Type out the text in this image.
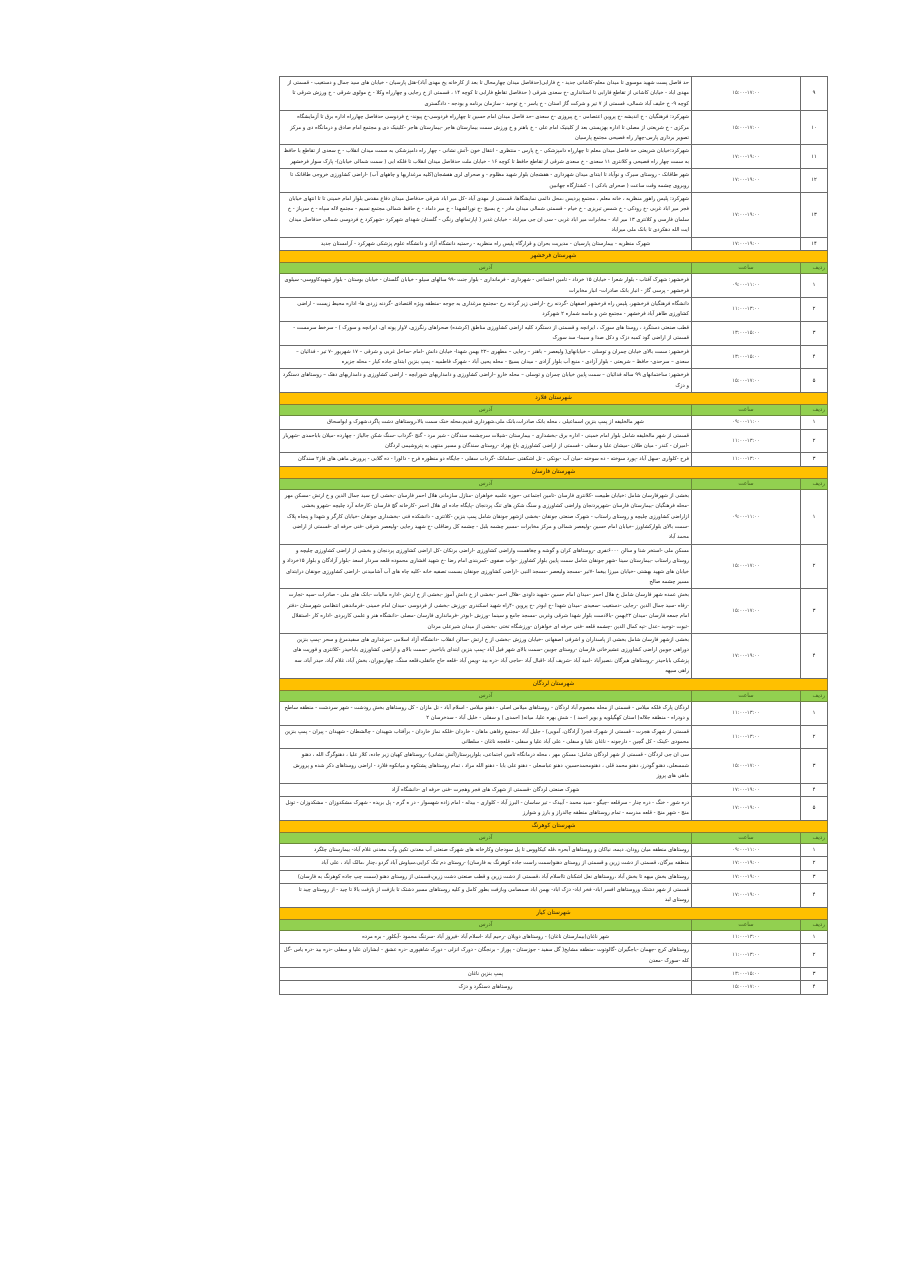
۹	۱۵:۰۰-۱۷:۰۰	حد فاصل پست شهید موسوی تا میدان معلم-کاشانی جدید - خ فارابی(حدفاصل میدان چهارمحال تا بعد از کارخانه یخ مهدی آباد)-هتل پارسیان - خیابان های سید جمال و دستغیب - قسمتی از مهدی اباد - خیابان کاشانی از تقاطع فارابی تا استانداری -خ سعدی شرقی ( حدفاصل تقاطع فارابی تا کوچه ۱۴ ، قسمتی از خ رجایی و چهارراه وکلا - خ مولوی شرقی - خ ورزش شرقی تا کوچه ۹- خ خلیف آباد شمالی، قسمتی از ۷ تیر و شرکت گاز استان - خ یاسر - خ توحید - سازمان برنامه و بودجه - دادگستری
۱۰	۱۵:۰۰-۱۷:۰۰	شهرکرد: فرهنگیان - خ اندیشه -خ پروین اعتصامی - خ پیروزی -خ سعدی -حد فاصل میدان امام حسین تا چهارراه فردوسی-خ پیوند- خ فردوسی حدفاصل چهارراه اداره برق تا آزمایشگاه مرکزی - خ شریعتی از مصلی تا اداره بهزیستی بعد از کلینیک امام علی - خ باهنر و خ ورزش سمت بیمارستان هاجر -بیمارستان هاجر -کلینیک دی و مجتمع امام صادق و درمانگاه دی و مرکز تصویر برداری پارس-چهار راه فصیحی مجتمع پارسیان
۱۱	۱۷:۰۰-۱۹:۰۰	شهرکرد:خیابان شریعتی حد فاصل میدان معلم تا چهارراه دامپزشکی - خ پارس - منتظری - انتقال خون -آتش نشانی - چهار راه دامپزشکی به سمت میدان انقلاب - خ سعدی از تقاطع با حافظ به سمت چهار راه فصیحی و کلانتری ۱۱ سعدی - خ سعدی شرقی از تقاطع حافظ تا کوچه ۱۶ - خیابان ملت حدفاصل میدان انقلاب تا فلکه ابی ( سمت شمالی خیابان)- پارک سوار فرخشهر
۱۲	۱۷:۰۰-۱۹:۰۰	شهر طاقانک - روستای سیرک و نوآباد تا ابتدای میدان شهرداری - هفشجان بلوار شهید مظلوم - و صحرای لری هفشجان(کلیه مرغداریها و چاههای آب) -اراضی کشاورزی خروجی طاقانک تا روبروی چشمه وقت ساعت ( صحرای بادکی ) - کشتارگاه جهانبین
۱۳	۱۷:۰۰-۱۹:۰۰	شهرکرد: پلیس راهور منظریه ، خانه معلم ، مجتمع پردیس ،محل دائمی نمایشگاها، قسمتی از مهدی آباد -کل میر اباد شرقی حدفاصل میدان دفاع مقدس بلوار امام خمینی تا تا انتهای خیابان فجر میر اباد غربی -خ رودکی - خ شمس تبریزی - خ خیام - قسمتی شمالی میدان مادر - خ بسیج -خ نورالشهدا - خ میر داماد - خ حافظ شمالی مجتمع نسیم - مجتمع لاله سپاه - خ سرباز - خ سلمان فارسی و کلانتری ۱۳ میر اباد - مخابرات میر اباد غربی - سی ان جی میراباد - خیابان غدیر ( اپارتمانهای رنگی - گلستان شهدای شهرکرد -شهرکرد خ فردوسی شمالی حدفاصل میدان ایت الله دهکردی تا بانک ملی میراباد
۱۴	۱۷:۰۰-۱۹:۰۰	شهرک منظریه - بیمارستان پارسیان - مدیریت بحران و قرارگاه پلیس راه منظریه - رحمتیه دانشگاه آزاد و دانشگاه علوم پزشکی شهرکرد - آرامستان جدید
شهرستان فرخشهر		
ردیف	ساعت	آدرس
۱	۰۹:۰۰-۱۱:۰۰	فرخشهر: شهرک آفتاب - بلوار شعرا - خیابان ۱۵ خرداد - تامین اجتماعی - شهرداری - فرمانداری - بلوار جنت -۹۹ سالهای سیلو - خیابان گلستان - خیابان بوستان - بلوار شهیدکاووسی- سیلوی فرخشهر - پرسی گاز - انبار بانک صادرات- انبار مخابرات
۲	۱۱:۰۰-۱۳:۰۰	دانشگاه فرهنگیان فرخشهر، پلیس راه فرخشهر اصفهان -گردنه رخ -اراضی زیر گردنه رخ -مجتمع مرغداری به جوجه -منطقه ویژه اقتصادی -گردنه زردی ها- اداره محیط زیست - اراضی کشاورزی طاهر آباد فرخشهر - مجتمع شن و ماسه شماره ۲ شهرکرد
۳	۱۳:۰۰-۱۵:۰۰	قطب صنعتی دستگرد ، روستا های سورک ، ایرانچه و قسمتی از دستگرد کلیه اراضی کشاورزی مناطق (کرشده) صحراهای رنگرزی، لاوار پونه ای، ایرانچه و سورک ) - سرخط سرمست - قسمتی از اراضی گود کمبه دزک و دکل صدا و سیما- سد سورک
۴	۱۳:۰۰-۱۵:۰۰	فرخشهر: سمت بالای خیابان چمران و توسلی – خیابانهای( ولیعصر – باهنر – رجایی – مطهری –۲۲ بهمن شهدا- خیابان دانش -امام -ساحل غربی و شرقی – ۱۷ شهریور -۷ تیر - فدائیان – سعدی – سرحدی- حافظ – شریعتی - بلوار آزادی - منبع آب بلوار آزادی - میدان بسیج - محله یحیی آباد - شهرک فاطمیه - پمپ بنزین ابتدای جاده کیار - محله جزیره
۵	۱۵:۰۰-۱۷:۰۰	فرخشهر: ساختمانهای ۹۹ ساله فدائیان – سمت پایین خیابان چمران و توسلی – محله خارو –اراضی کشاورزی و دامداریهای شورابچه - اراضی کشاورزی و دامداریهای دهک – روستاهای دستگرد و دزک
شهرستان فلارد		
ردیف	ساعت	آدرس
۱	۰۹:۰۰-۱۱:۰۰	شهر مالخلیفه از پمپ بنزین اسماعیلی ، محله بانک صادرات،بانک ملی،شهرداری قدیم،محله خنک سمت بالا،روستاهای دشت پاگرد،شهرک و ابواسحاق
۲	۱۱:۰۰-۱۳:۰۰	قسمتی از شهر مالخلیفه شامل بلوار امام خمینی - اداره برق -بخشداری - بیمارستان -شیلات سرچشمه سندگان - شیر مرد - گنج -گرداب -سنگ شکن جالیاز - چهارده -میلان باباحمدی -شهریار -امیران - کندر - میان طلان -میشان علیا و سفلی - قسمتی از اراضی کشاورزی باغ بهزاد -روستای سندگان و مسیر منتهی به پتروشیمی لردگان
۳	۱۱:۰۰-۱۳:۰۰	فرح -کلواری -سهل آباد -پورد سوخته - ده سوخته -میان آب -بونکی - تل اشکفتی -سلمانک -گرداب سفلی - جایگاه دو منظوره فرح - دالورا - ده گلابی - پرورش ماهی های فاز۲ سندگان
شهرستان فارسان		
ردیف	ساعت	آدرس
۱	۰۹:۰۰-۱۱:۰۰	بخشی از شهرفارسان شامل :خیابان طبیعت -کلانتری فارسان -تامین اجتماعی -حوزه علمیه خواهران -منازل سازمانی هلال احمر فارسان -بخشی ازخ سید جمال الدین و خ ارتش -مسکن مهر -محله فرهنگیان -بیمارستان فارسان -شهرپردنجان واراضی کشاورزی و سنگ شکن های تنگ پردنجان -پایگاه جاده ای هلال احمر -کارخانه گچ فارسان -کارخانه آرد چلیچه -شهرو بخشی ازاراضی کشاورزی چلیچه و روستای راستاب - شهرک صنعتی جونقان -بخشی ازشهر جونقان شامل پمپ بنزین -کلانتری - دانشکده فنی -بخشداری جونقان -خیابان کارگر و شهدا و پنجاه پلاک -سمت بالای بلوارکشاورز -خیابان امام حسین -ولیعصر شمالی و مرکز مخابرات -مسیر چشمه بلبل - چشمه کل رضاقلی -خ شهید رجایی -ولیعصر شرقی -فنی حرفه ای -قسمتی از اراضی محمد آباد
۲	۱۵:۰۰-۱۷:۰۰	مسکن ملی -استخر شنا و سالن ۶۰۰۰نفری -روستاهای کران و گوشه و چغاهست واراضی کشاورزی -اراضی برنکان -کل اراضی کشاورزی پردنجان و بخشی از اراضی کشاورزی چلیچه و روستای راستاب -بیمارستان سینا -شهر جونقان شامل سمت پایین بلوار کشاورز -نواب صفوی -کمربندی امام رضا -خ شهید افشاری محموده قلعه سردار اسعد -بلوار آزادگان و بلوار ۱۵خرداد و خیابان های شهید بهشتی -خیابان میرزا بیغما -۷تیر -مسجد ولیعصر -مسجد النبی -اراضی کشاورزی جونقان بسمت تصفیه خانه -کلیه چاه های آب آشامیدنی -اراضی کشاورزی جونقان درابتدای مسیر چشمه صالح
۳	۱۵:۰۰-۱۷:۰۰	بخش عمده شهر فارسان شامل خ هلال احمر -میدان امام حسین -شهید داودی -هلال احمر -بخشی از خ دانش آموز -بخشی از خ ارتش -اداره مالیات -بانک های ملی - صادرات -سپه -تجارت -رفاه -سید جمال الدین -رجایی -دستغیب -سعیدی -میدان شهدا -خ ابوذر -خ پروین -۴راه شهید اسکندری -ورزش -بخشی از فردوسی -میدان امام خمینی -فرماندهی انتظامی شهرستان -دفتر امام جمعه فارسان -میدان ۲۲بهمن -بالادست بلوار شهدا شرقی وغربی -مسجد جامع و سینما -ورزش -ابوذر -فرمانداری فارسان -مصلی -دانشگاه هنر و علمی کاربردی -اداره کار -استقلال -ثبوت -توحید -عدل -تپه کمال الدین -چشمه قلعه -فنی حرفه ای خواهران -ورزشگاه تختی -بخشی از میدان شیرعلی مردان
۴	۱۷:۰۰-۱۹:۰۰	بخشی ازشهر فارسان شامل بخشی از پاسداران و اشرفی اصفهانی -خیابان ورزش -بخشی از خ ارتش -سالن انقلاب -دانشگاه آزاد اسلامی -مرغداری های سفیدمرغ و سحر -پمپ بنزین دوراهی جوبین اراضی کشاورزی عشیرخانی فارسان -روستای جوبین -سمت بالای شهر فیل آباد -پمپ بنزین ابتدای باباحیدر -سمت بالای و اراضی کشاورزی باباحیدر -کلانتری و فوریت های پزشکی باباحیدر -روستاهای هیرگان ،نصیرآباد -امید آباد -شریف آباد -اقبال آباد -حاجی آباد -دره بید -ویس آباد -قلعه حاج جانقلی،قلعه سنگ، چهارموران، بخش آباد، غلام آباد، حیدر آباد، سه راهی سیهه
شهرستان لردگان		
ردیف	ساعت	آدرس
۱	۱۱:۰۰-۱۳:۰۰	لردگان پارک فلکه میلاس - قسمتی از محله معصوم آباد لردگان - روستاهای میلاس اصلی - دهنو میلاس - اسلام آباد - تل مازان - کل روستاهای بخش رودشت - شهر سردشت - منطقه ساطح و دودراه - منطقه جلاله( استان کهگیلویه و بویر احمد ) - شش بهره علیا، میانه( احمدی ) و سفلی - خلیل آباد - سدخرسان ۲
۲	۱۱:۰۰-۱۳:۰۰	قسمتی از شهرک هجرت - قسمتی از شهرک فجر( آزادگان، آمویی) - جلیل آباد -مجتمع رفاهی ماهان - خاردان -فلکه نماز خاردان - برآفتاب شهیدان - چالشطان - شهیدان - پیران - پمپ بنزین محمودی -کینک - کل گچین - دارجونه - ناغان علیا و سفلی - علی آباد علیا و سفلی - قلعجه ناغان - سلطانی
۳	۱۵:۰۰-۱۷:۰۰	سی ان جی لردگان - قسمتی از شهر لردگان شامل: مسکن مهر ، محله درمانگاه تامین اجتماعی، بلوارپرستار(آتش نشانی) -روستاهای کهیان زیر جاده، کلار علیا ، دهنوگرگ الله ، دهنو شمسعلی، دهنو گودرز، دهنو محمد قلی ، دهنومحمدحسین، دهنو عباسعلی - دهنو علی بابا - دهنو الله مراد ، تمام روستاهای پشتکوه و میانکوه فلارد - اراضی روستاهای ذکر شده و پرورش ماهی های پروز
۴	۱۷:۰۰-۱۹:۰۰	شهرک صنعتی لردگان -قسمتی از شهرک های فجر وهجرت -فنی حرفه ای -دانشگاه آزاد
۵	۱۷:۰۰-۱۹:۰۰	دره شور - خنگ - دره چنار - سرقلعه -چیگو - سید محمد - آبیدک - تیر ساسان - البرز آباد - کلواری - بیدله - امام زاده شهسوار - در ه گرم - پل بریده - شهرک مشکدوزان - مشکدوزان - تونل منج - شهر منج - قلعه مدرسه - تمام روستاهای منطقه چالدراز و بارز و شوارز
شهرستان کوهرنگ		
ردیف	ساعت	آدرس
۱	۰۹:۰۰-۱۱:۰۰	روستاهای منطقه میان رودان، دیمه، نیاکان و روستاهای آبحره ،قله کیکاووس تا پل سودجان وکارخانه های شهرک صنعتی آب معدنی تکین وآب معدنی غلام آباد- بیمارستان چلگرد
۲	۱۷:۰۰-۱۹:۰۰	منطقه بیرگان، قسمتی از دشت زرین و قسمتی از روستای دهنو(سمت راست جاده کوهرنگ به فارسان) -روستای دم تنگ کرایی،سیاوش آباد گردو ،چنار ،مالک آباد ، علی آباد
۳	۱۷:۰۰-۱۹:۰۰	روستاهای بخش میهه تا بخش آباد ،روستاهای نعل اشکنان تااسلام آباد ،قسمتی از دشت زرین و قطب صنعتی دشت زرین،قسمتی از روستای دهنو (سمت چپ جاده کوهرنگ به فارسان)
۴	۱۷:۰۰-۱۹:۰۰	قسمتی از شهر دشتک وروستاهای افسر اباد- فخر اباد- دزک اباد- بهمن اباد صمصامی وبازفت بطور کامل و کلیه روستاهای مسیر دشتک تا بازفت از بازفت بالا تا چید - از روستای چید تا روستای لبد
شهرستان کیار		
ردیف	ساعت	آدرس
۱	۱۱:۰۰-۱۳:۰۰	شهر ناغان(بیمارستان ناغان) - روستاهای دویلان -رحیم آباد -اسلام آباد -فیروز آباد -سرتنگ محمود -آبکلور - بره مرده
۲	۱۱:۰۰-۱۳:۰۰	روستاهای کرچ -جهمان -باجگیران -گالوتوت -منطقه مشایخ( گل سفید - جوزستان - پوراز - برنجگان - دورک انزلی - دورک شاهپوری -دره عشق - ابشاران علیا و سفلی -دره بید -دره یاس -گل کله -سورک -معدن
۳	۱۳:۰۰-۱۵:۰۰	پمپ بنزین ناغان
۴	۱۵:۰۰-۱۷:۰۰	روستاهای دستگرد و دزک
